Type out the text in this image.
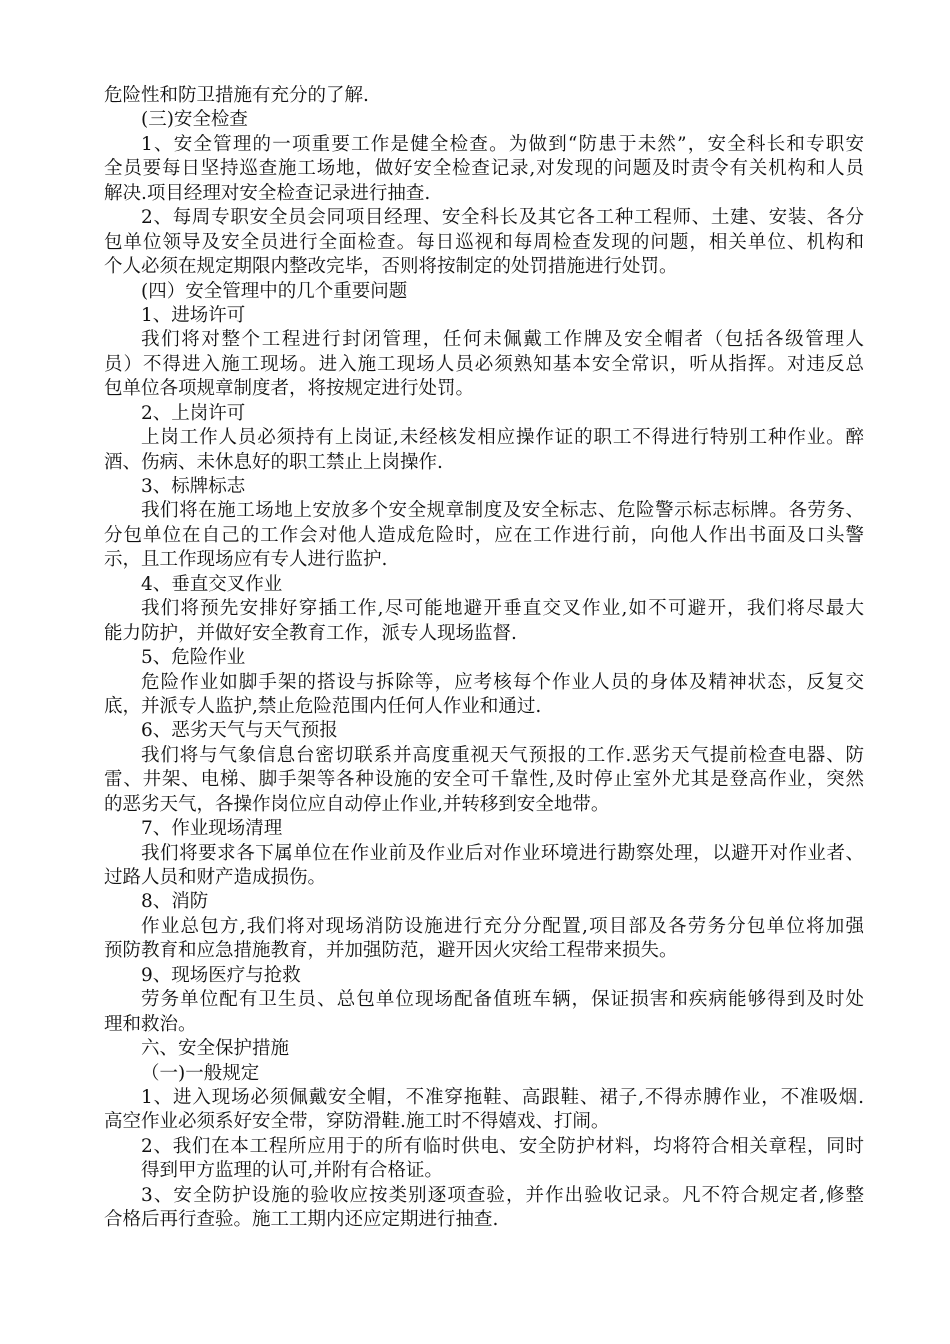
危险性和防卫措施有充分的了解.
(三)安全检查
1、安全管理的一项重要工作是健全检查。为做到“防患于未然”，安全科长和专职安
全员要每日坚持巡查施工场地，做好安全检查记录,对发现的问题及时责令有关机构和人员
解决.项目经理对安全检查记录进行抽查.
2、每周专职安全员会同项目经理、安全科长及其它各工种工程师、土建、安装、各分
包单位领导及安全员进行全面检查。每日巡视和每周检查发现的问题，相关单位、机构和
个人必须在规定期限内整改完毕，否则将按制定的处罚措施进行处罚。
(四）安全管理中的几个重要问题
1、进场许可
我们将对整个工程进行封闭管理，任何未佩戴工作牌及安全帽者（包括各级管理人
员）不得进入施工现场。进入施工现场人员必须熟知基本安全常识，听从指挥。对违反总
包单位各项规章制度者，将按规定进行处罚。
2、上岗许可
上岗工作人员必须持有上岗证,未经核发相应操作证的职工不得进行特别工种作业。醉
酒、伤病、未休息好的职工禁止上岗操作.
3、标牌标志
我们将在施工场地上安放多个安全规章制度及安全标志、危险警示标志标牌。各劳务、
分包单位在自己的工作会对他人造成危险时，应在工作进行前，向他人作出书面及口头警
示，且工作现场应有专人进行监护.
4、垂直交叉作业
我们将预先安排好穿插工作,尽可能地避开垂直交叉作业,如不可避开，我们将尽最大
能力防护，并做好安全教育工作，派专人现场监督.
5、危险作业
危险作业如脚手架的搭设与拆除等，应考核每个作业人员的身体及精神状态，反复交
底，并派专人监护,禁止危险范围内任何人作业和通过.
6、恶劣天气与天气预报
我们将与气象信息台密切联系并高度重视天气预报的工作.恶劣天气提前检查电器、防
雷、井架、电梯、脚手架等各种设施的安全可千靠性,及时停止室外尤其是登高作业，突然
的恶劣天气，各操作岗位应自动停止作业,并转移到安全地带。
7、作业现场清理
我们将要求各下属单位在作业前及作业后对作业环境进行勘察处理，以避开对作业者、
过路人员和财产造成损伤。
8、消防
作业总包方,我们将对现场消防设施进行充分分配置,项目部及各劳务分包单位将加强
预防教育和应急措施教育，并加强防范，避开因火灾给工程带来损失。
9、现场医疗与抢救
劳务单位配有卫生员、总包单位现场配备值班车辆，保证损害和疾病能够得到及时处
理和救治。
六、安全保护措施
（一)一般规定
1、进入现场必须佩戴安全帽，不准穿拖鞋、高跟鞋、裙子,不得赤膊作业，不准吸烟.
高空作业必须系好安全带，穿防滑鞋.施工时不得嬉戏、打闹。
2、我们在本工程所应用于的所有临时供电、安全防护材料，均将符合相关章程，同时
得到甲方监理的认可,并附有合格证。
3、安全防护设施的验收应按类别逐项查验，并作出验收记录。凡不符合规定者,修整
合格后再行查验。施工工期内还应定期进行抽查.
